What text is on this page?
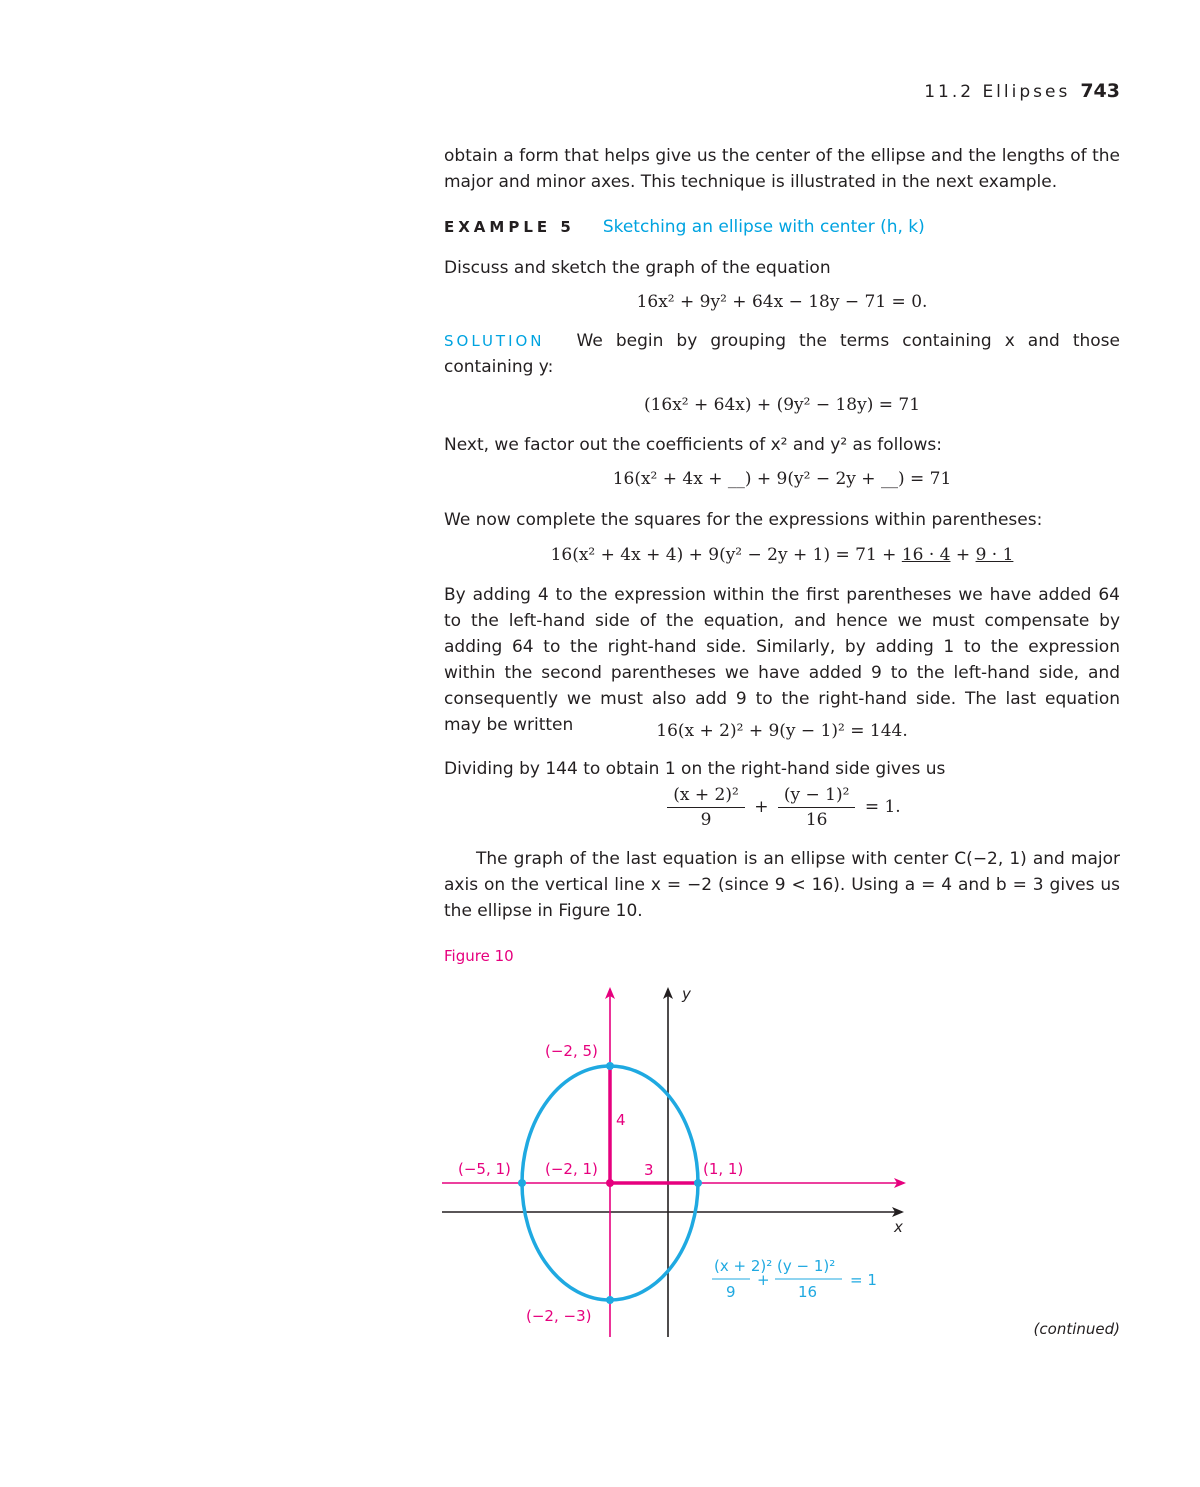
11.2 Ellipses 743

obtain a form that helps give us the center of the ellipse and the lengths of the major and minor axes. This technique is illustrated in the next example.

EXAMPLE 5 Sketching an ellipse with center (h, k)

Discuss and sketch the graph of the equation

16x² + 9y² + 64x − 18y − 71 = 0.

SOLUTION We begin by grouping the terms containing x and those containing y:

(16x² + 64x) + (9y² − 18y) = 71

Next, we factor out the coefficients of x² and y² as follows:

16(x² + 4x + __) + 9(y² − 2y + __) = 71

We now complete the squares for the expressions within parentheses:

16(x² + 4x + 4) + 9(y² − 2y + 1) = 71 + 16 · 4 + 9 · 1

By adding 4 to the expression within the first parentheses we have added 64 to the left-hand side of the equation, and hence we must compensate by adding 64 to the right-hand side. Similarly, by adding 1 to the expression within the second parentheses we have added 9 to the left-hand side, and consequently we must also add 9 to the right-hand side. The last equation may be written	16(x + 2)² + 9(y − 1)² = 144.

Dividing by 144 to obtain 1 on the right-hand side gives us

$\frac{\text{(x + 2)²}}{9} + \frac{\text{(y − 1)²}}{16} = 1$.

The graph of the last equation is an ellipse with center C(−2, 1) and major axis on the vertical line x = −2 (since 9 < 16). Using a = 4 and b = 3 gives us the ellipse in Figure 10.

Figure 10
x
y
(−2, 5)
(−5, 1) (−2, 1)	(1, 1)
(−2, −3)
4
3
(x + 2)²
9
+
(y − 1)²
16
= 1
(continued)
